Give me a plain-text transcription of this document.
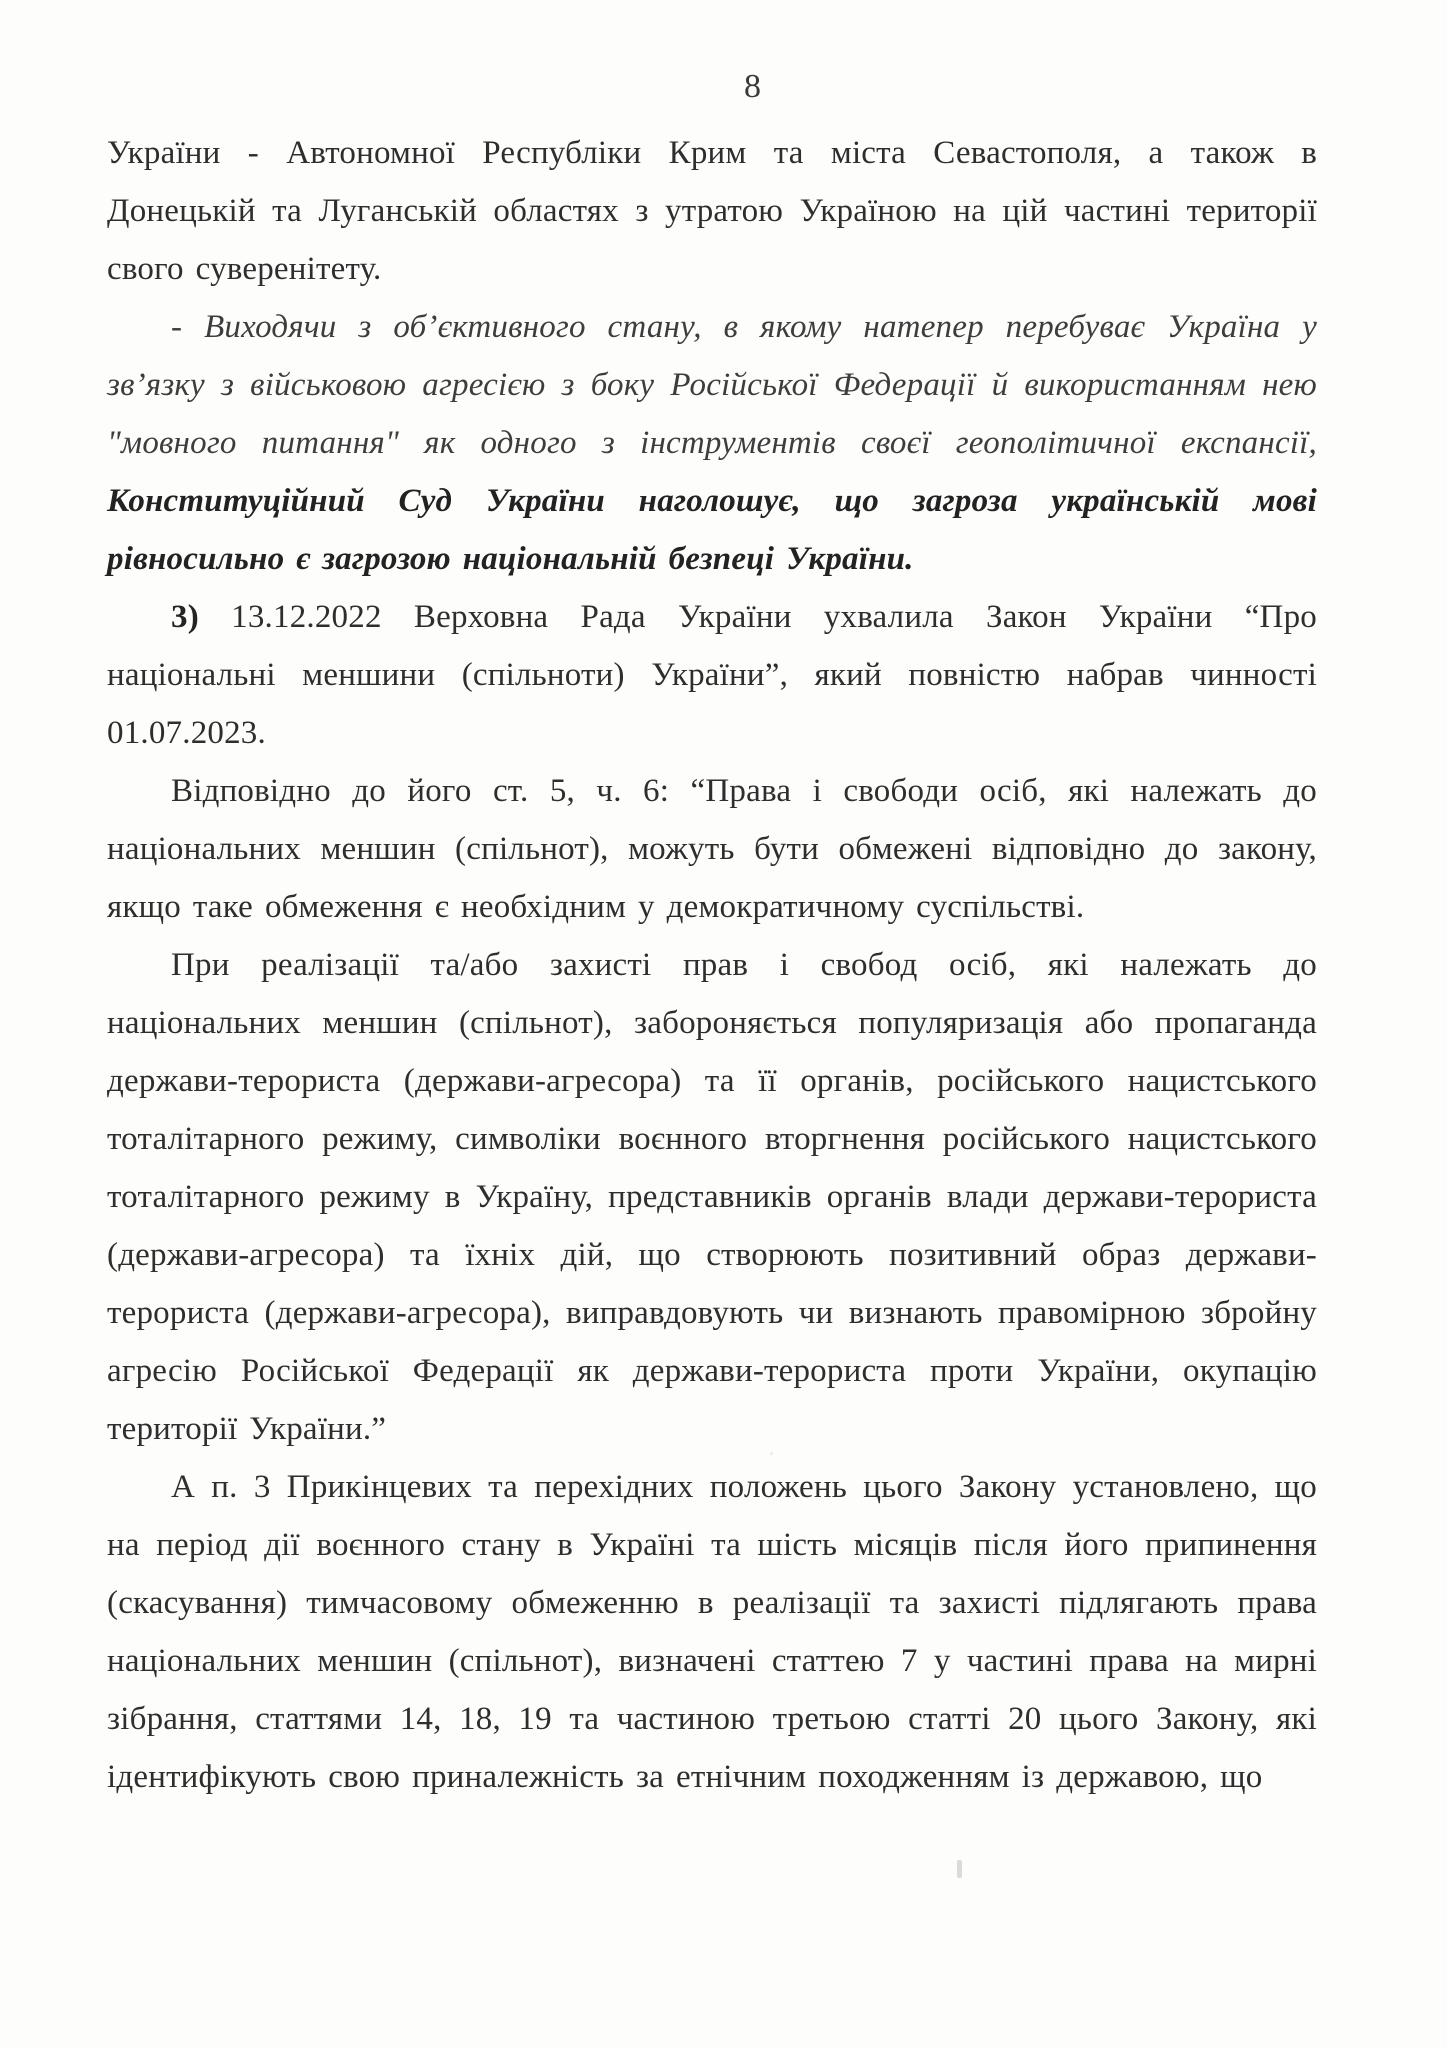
8

України - Автономної Республіки Крим та міста Севастополя, а також в Донецькій та Луганській областях з утратою Україною на цій частині території свого суверенітету.

- Виходячи з об’єктивного стану, в якому натепер перебуває Україна у зв’язку з військовою агресією з боку Російської Федерації й використанням нею "мовного питання" як одного з інструментів своєї геополітичної експансії, Конституційний Суд України наголошує, що загроза українській мові рівносильно є загрозою національній безпеці України.

3) 13.12.2022 Верховна Рада України ухвалила Закон України “Про національні меншини (спільноти) України”, який повністю набрав чинності 01.07.2023.

Відповідно до його ст. 5, ч. 6: “Права і свободи осіб, які належать до національних меншин (спільнот), можуть бути обмежені відповідно до закону, якщо таке обмеження є необхідним у демократичному суспільстві.

При реалізації та/або захисті прав і свобод осіб, які належать до національних меншин (спільнот), забороняється популяризація або пропаганда держави-терориста (держави-агресора) та її органів, російського нацистського тоталітарного режиму, символіки воєнного вторгнення російського нацистського тоталітарного режиму в Україну, представників органів влади держави-терориста (держави-агресора) та їхніх дій, що створюють позитивний образ держави-терориста (держави-агресора), виправдовують чи визнають правомірною збройну агресію Російської Федерації як держави-терориста проти України, окупацію території України.”

А п. 3 Прикінцевих та перехідних положень цього Закону установлено, що на період дії воєнного стану в Україні та шість місяців після його припинення (скасування) тимчасовому обмеженню в реалізації та захисті підлягають права національних меншин (спільнот), визначені статтею 7 у частині права на мирні зібрання, статтями 14, 18, 19 та частиною третьою статті 20 цього Закону, які ідентифікують свою приналежність за етнічним походженням із державою, що
